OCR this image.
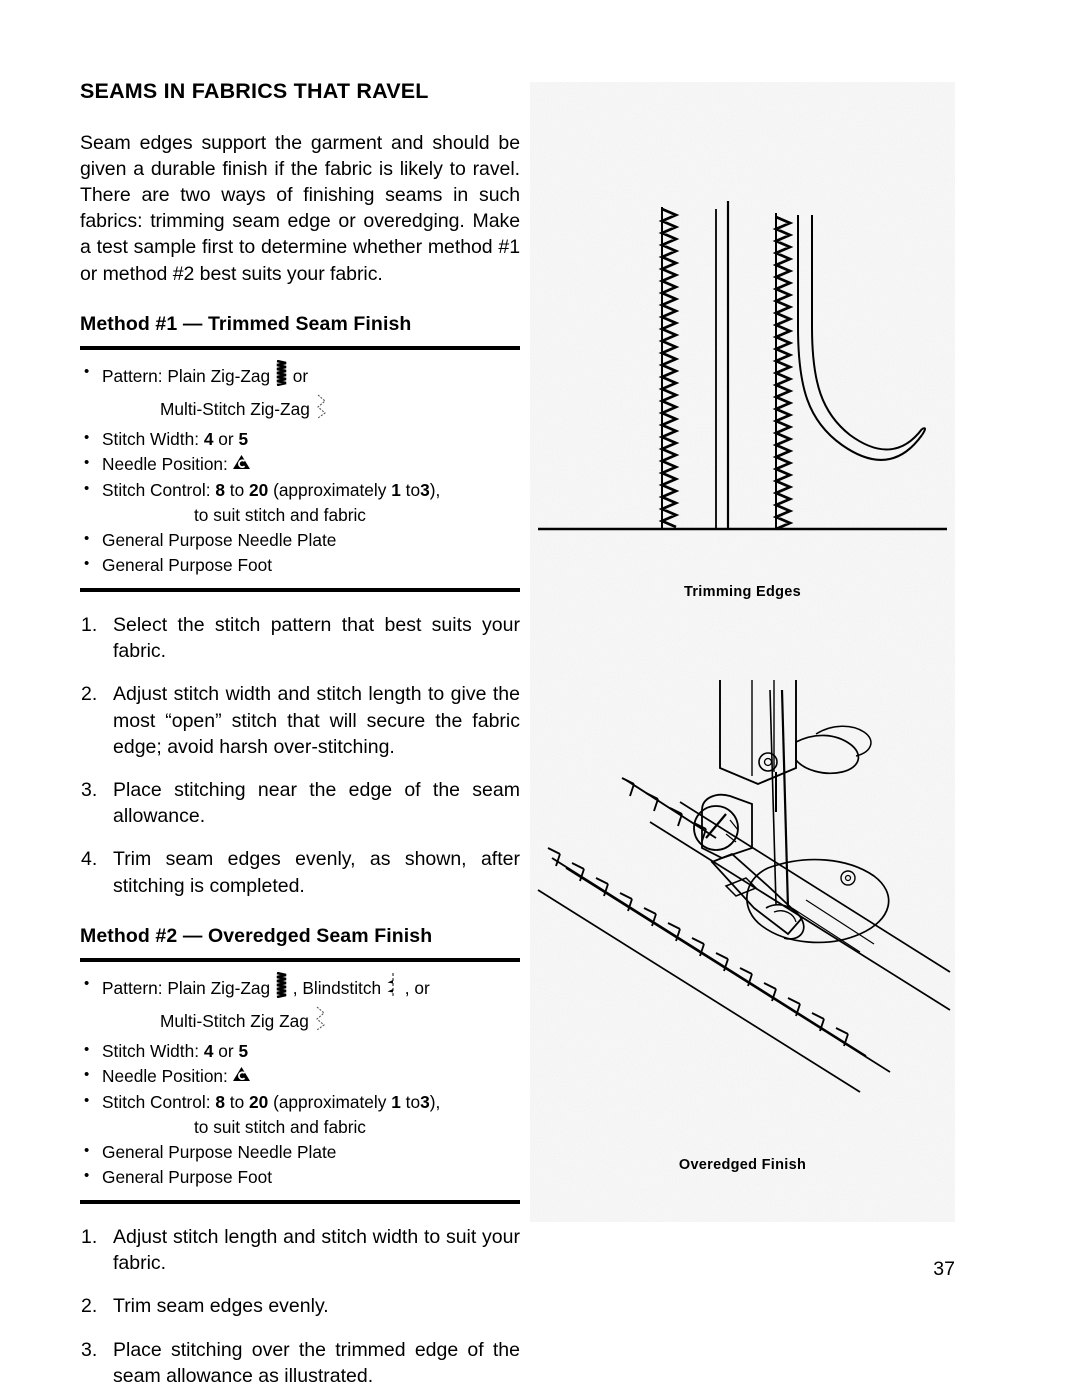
SEAMS IN FABRICS THAT RAVEL

Seam edges support the garment and should be given a durable finish if the fabric is likely to ravel. There are two ways of finishing seams in such fabrics: trimming seam edge or overedging. Make a test sample first to determine whether method #1 or method #2 best suits your fabric.

Method #1 — Trimmed Seam Finish
• Pattern: Plain Zig-Zag or
Multi-Stitch Zig-Zag
• Stitch Width: 4 or 5
• Needle Position:
• Stitch Control: 8 to 20 (approximately 1 to3),
to suit stitch and fabric
• General Purpose Needle Plate
• General Purpose Foot
Select the stitch pattern that best suits your fabric.
Adjust stitch width and stitch length to give the most “open” stitch that will secure the fabric edge; avoid harsh over-stitching.
Place stitching near the edge of the seam allowance.
Trim seam edges evenly, as shown, after stitching is completed.
Method #2 — Overedged Seam Finish
• Pattern: Plain Zig-Zag , Blindstitch , or
Multi-Stitch Zig Zag
• Stitch Width: 4 or 5
• Needle Position:
• Stitch Control: 8 to 20 (approximately 1 to3),
to suit stitch and fabric
• General Purpose Needle Plate
• General Purpose Foot
Adjust stitch length and stitch width to suit your fabric.
Trim seam edges evenly.
Place stitching over the trimmed edge of the seam allowance as illustrated.
Trimming Edges
Overedged Finish
37
